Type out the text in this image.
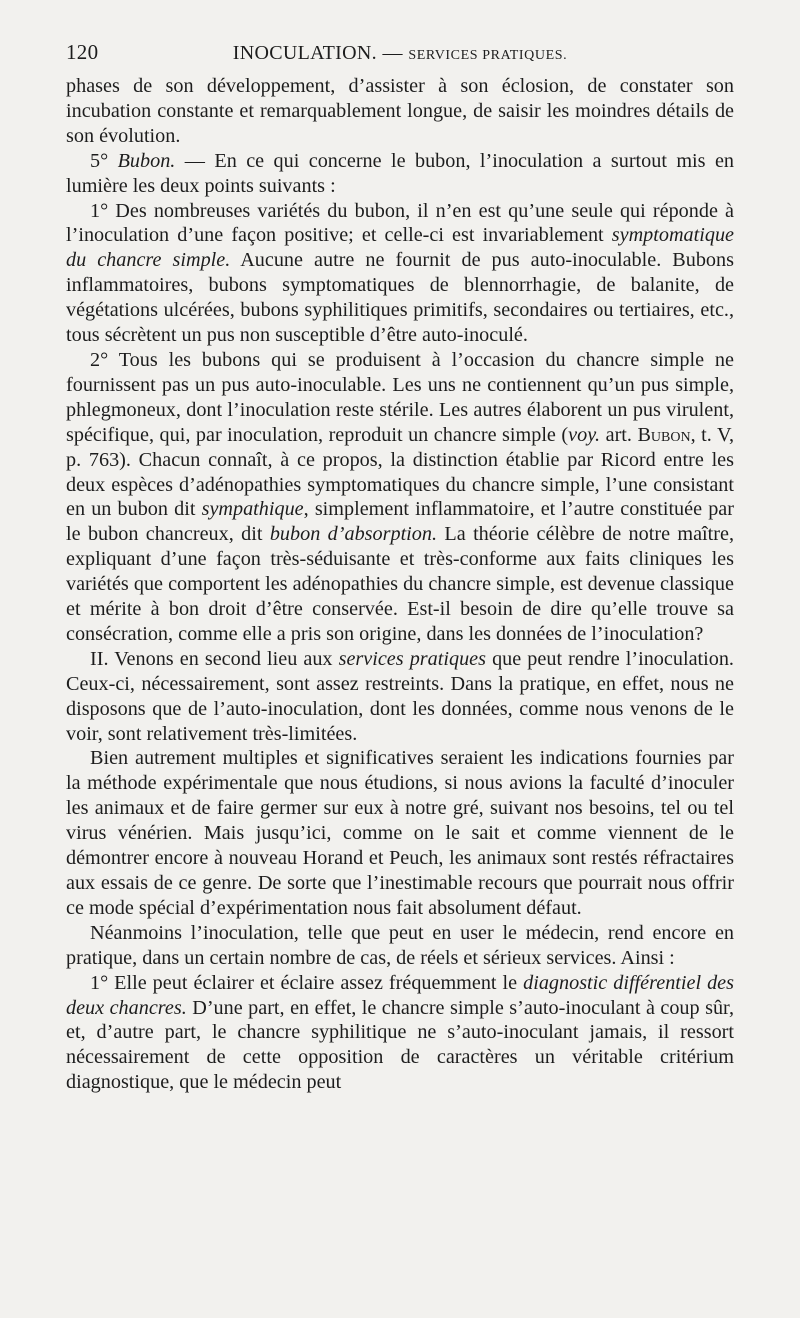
120	INOCULATION. — SERVICES PRATIQUES.

phases de son développement, d’assister à son éclosion, de constater son incubation constante et remarquablement longue, de saisir les moindres détails de son évolution.

5° Bubon. — En ce qui concerne le bubon, l’inoculation a surtout mis en lumière les deux points suivants :

1° Des nombreuses variétés du bubon, il n’en est qu’une seule qui réponde à l’inoculation d’une façon positive; et celle-ci est invariablement symptomatique du chancre simple. Aucune autre ne fournit de pus auto-inoculable. Bubons inflammatoires, bubons symptomatiques de blennorrhagie, de balanite, de végétations ulcérées, bubons syphilitiques primitifs, secondaires ou tertiaires, etc., tous sécrètent un pus non susceptible d’être auto-inoculé.

2° Tous les bubons qui se produisent à l’occasion du chancre simple ne fournissent pas un pus auto-inoculable. Les uns ne contiennent qu’un pus simple, phlegmoneux, dont l’inoculation reste stérile. Les autres élaborent un pus virulent, spécifique, qui, par inoculation, reproduit un chancre simple (voy. art. Bubon, t. V, p. 763). Chacun connaît, à ce propos, la distinction établie par Ricord entre les deux espèces d’adénopathies symptomatiques du chancre simple, l’une consistant en un bubon dit sympathique, simplement inflammatoire, et l’autre constituée par le bubon chancreux, dit bubon d’absorption. La théorie célèbre de notre maître, expliquant d’une façon très-séduisante et très-conforme aux faits cliniques les variétés que comportent les adénopathies du chancre simple, est devenue classique et mérite à bon droit d’être conservée. Est-il besoin de dire qu’elle trouve sa consécration, comme elle a pris son origine, dans les données de l’inoculation?

II. Venons en second lieu aux services pratiques que peut rendre l’inoculation. Ceux-ci, nécessairement, sont assez restreints. Dans la pratique, en effet, nous ne disposons que de l’auto-inoculation, dont les données, comme nous venons de le voir, sont relativement très-limitées.

Bien autrement multiples et significatives seraient les indications fournies par la méthode expérimentale que nous étudions, si nous avions la faculté d’inoculer les animaux et de faire germer sur eux à notre gré, suivant nos besoins, tel ou tel virus vénérien. Mais jusqu’ici, comme on le sait et comme viennent de le démontrer encore à nouveau Horand et Peuch, les animaux sont restés réfractaires aux essais de ce genre. De sorte que l’inestimable recours que pourrait nous offrir ce mode spécial d’expérimentation nous fait absolument défaut.

Néanmoins l’inoculation, telle que peut en user le médecin, rend encore en pratique, dans un certain nombre de cas, de réels et sérieux services. Ainsi :

1° Elle peut éclairer et éclaire assez fréquemment le diagnostic différentiel des deux chancres. D’une part, en effet, le chancre simple s’auto-inoculant à coup sûr, et, d’autre part, le chancre syphilitique ne s’auto-inoculant jamais, il ressort nécessairement de cette opposition de caractères un véritable critérium diagnostique, que le médecin peut
